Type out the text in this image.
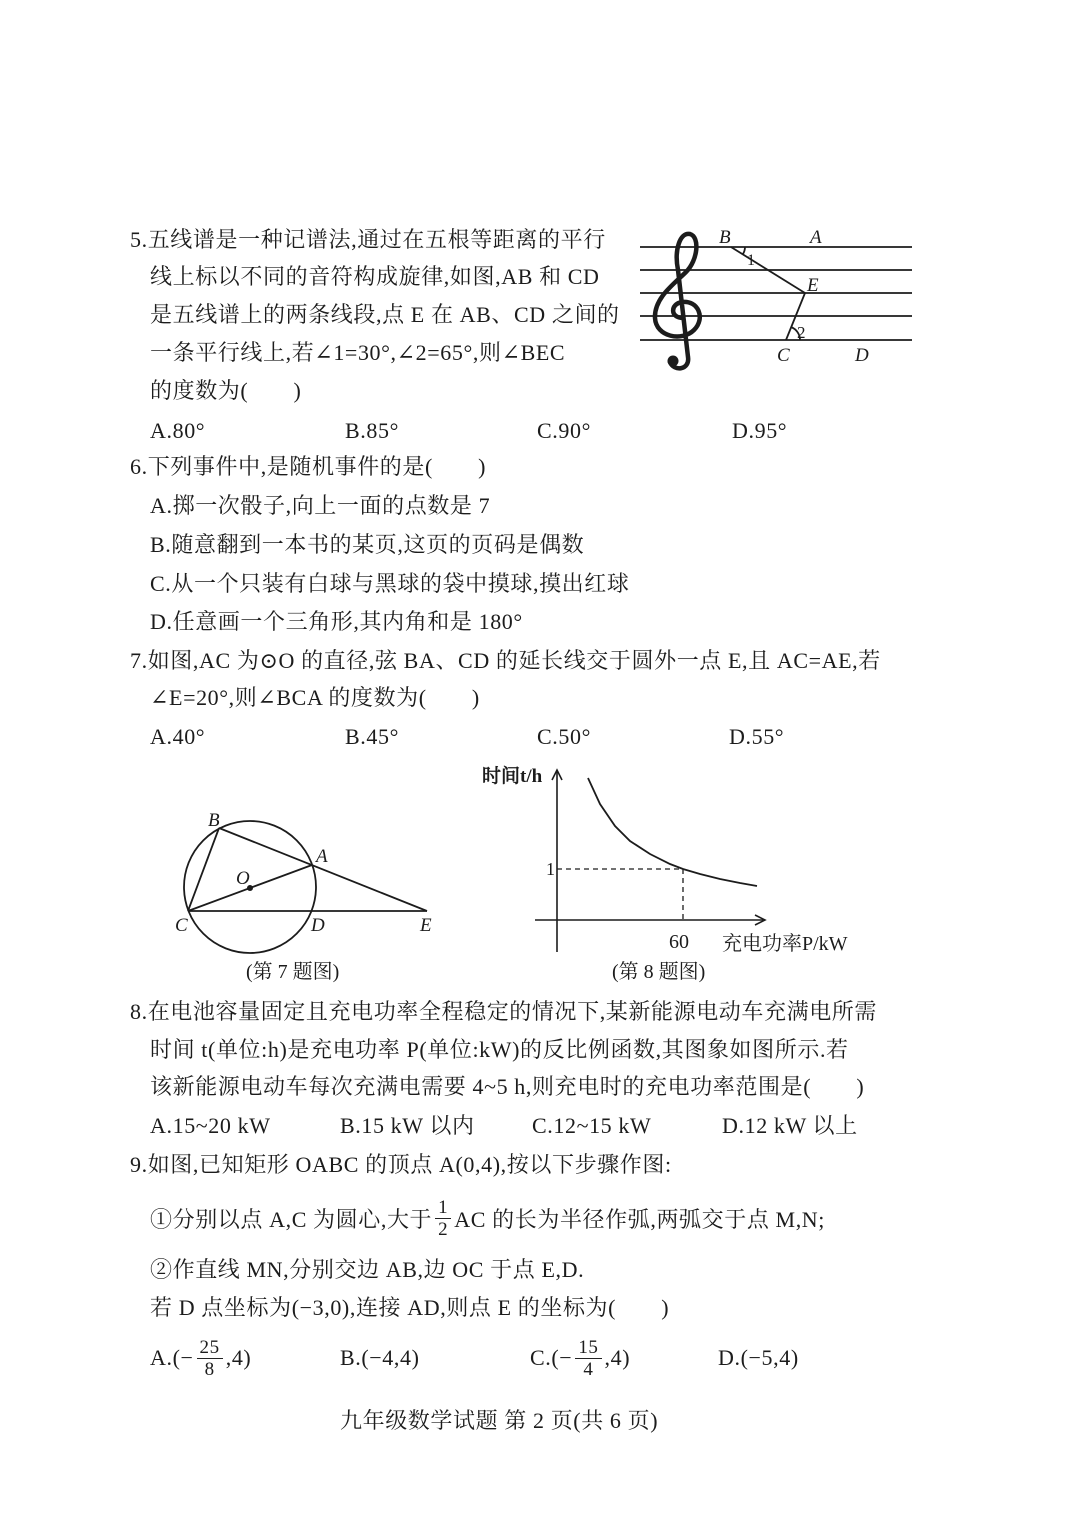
5.五线谱是一种记谱法,通过在五根等距离的平行
线上标以不同的音符构成旋律,如图,AB 和 CD
是五线谱上的两条线段,点 E 在 AB、CD 之间的
一条平行线上,若∠1=30°,∠2=65°,则∠BEC
的度数为(　　)
A.80°	B.85°	C.90°	D.95°
B	A
1
E
2
C	D
6.下列事件中,是随机事件的是(　　)
A.掷一次骰子,向上一面的点数是 7
B.随意翻到一本书的某页,这页的页码是偶数
C.从一个只装有白球与黑球的袋中摸球,摸出红球
D.任意画一个三角形,其内角和是 180°
7.如图,AC 为⊙O 的直径,弦 BA、CD 的延长线交于圆外一点 E,且 AC=AE,若
∠E=20°,则∠BCA 的度数为(　　)
A.40°	B.45°	C.50°	D.55°
B
A
O
C	D	E
(第 7 题图)
时间t/h
1
60 充电功率P/kW
(第 8 题图)
8.在电池容量固定且充电功率全程稳定的情况下,某新能源电动车充满电所需
时间 t(单位:h)是充电功率 P(单位:kW)的反比例函数,其图象如图所示.若
该新能源电动车每次充满电需要 4~5 h,则充电时的充电功率范围是(　　)
A.15~20 kW	B.15 kW 以内	C.12~15 kW	D.12 kW 以上
9.如图,已知矩形 OABC 的顶点 A(0,4),按以下步骤作图:
①分别以点 A,C 为圆心,大于 $\frac{1}{2}$ AC 的长为半径作弧,两弧交于点 M,N;
②作直线 MN,分别交边 AB,边 OC 于点 E,D.
若 D 点坐标为(−3,0),连接 AD,则点 E 的坐标为(　　)
$A.(- \frac{25}{8} ,4)$	B.(−4,4)	$C.(- \frac{15}{4} ,4)$	D.(−5,4)
九年级数学试题 第 2 页(共 6 页)
